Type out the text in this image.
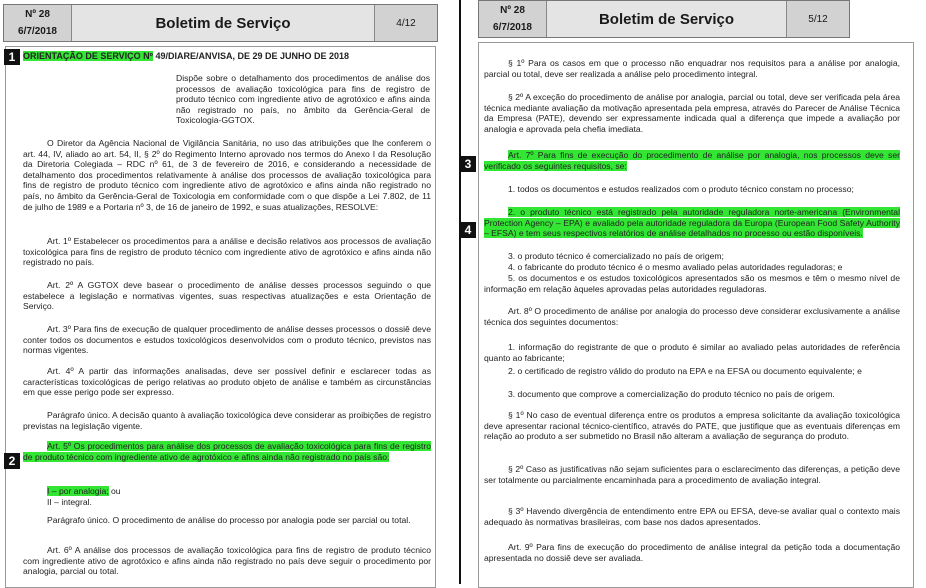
Nº 28
6/7/2018	Boletim de Serviço	4/12
1 ORIENTAÇÃO DE SERVIÇO Nº 49/DIARE/ANVISA, DE 29 DE JUNHO DE 2018
Dispõe sobre o detalhamento dos procedimentos de análise dos processos de avaliação toxicológica para fins de registro de produto técnico com ingrediente ativo de agrotóxico e afins ainda não registrado no país, no âmbito da Gerência-Geral de Toxicologia-GGTOX.
O Diretor da Agência Nacional de Vigilância Sanitária, no uso das atribuições que lhe conferem o art. 44, IV, aliado ao art. 54, II, § 2º do Regimento Interno aprovado nos termos do Anexo I da Resolução da Diretoria Colegiada – RDC nº 61, de 3 de fevereiro de 2016, e considerando a necessidade de detalhamento dos procedimentos relativamente à análise dos processos de avaliação toxicológica para fins de registro de produto técnico com ingrediente ativo de agrotóxico e afins ainda não registrado no país, no âmbito da Gerência-Geral de Toxicologia em conformidade com o que dispõe a Lei 7.802, de 11 de julho de 1989 e a Portaria nº 3, de 16 de janeiro de 1992, e suas atualizações, RESOLVE:
Art. 1º Estabelecer os procedimentos para a análise e decisão relativos aos processos de avaliação toxicológica para fins de registro de produto técnico com ingrediente ativo de agrotóxico e afins ainda não registrado no país.
Art. 2º A GGTOX deve basear o procedimento de análise desses processos seguindo o que estabelece a legislação e normativas vigentes, suas respectivas atualizações e esta Orientação de Serviço.
Art. 3º Para fins de execução de qualquer procedimento de análise desses processos o dossiê deve conter todos os documentos e estudos toxicológicos desenvolvidos com o produto técnico, previstos nas normas vigentes.
Art. 4º A partir das informações analisadas, deve ser possível definir e esclarecer todas as características toxicológicas de perigo relativas ao produto objeto de análise e também as circunstâncias em que esse perigo pode ser expresso.
Parágrafo único. A decisão quanto à avaliação toxicológica deve considerar as proibições de registro previstas na legislação vigente.
2
Art. 5º Os procedimentos para análise dos processos de avaliação toxicológica para fins de registro de produto técnico com ingrediente ativo de agrotóxico e afins ainda não registrado no país são:
I – por analogia; ou
II – integral.
Parágrafo único. O procedimento de análise do processo por analogia pode ser parcial ou total.
Art. 6º A análise dos processos de avaliação toxicológica para fins de registro de produto técnico com ingrediente ativo de agrotóxico e afins ainda não registrado no país deve seguir o procedimento por analogia, parcial ou total.
Nº 28
6/7/2018	Boletim de Serviço	5/12
§ 1º Para os casos em que o processo não enquadrar nos requisitos para a análise por analogia, parcial ou total, deve ser realizada a análise pelo procedimento integral.
§ 2º A exceção do procedimento de análise por analogia, parcial ou total, deve ser verificada pela área técnica mediante avaliação da motivação apresentada pela empresa, através do Parecer de Análise Técnica da Empresa (PATE), devendo ser expressamente indicada qual a diferença que impede a avaliação por analogia e aprovada pela chefia imediata.
3
Art. 7º Para fins de execução do procedimento de análise por analogia, nos processos deve ser verificado os seguintes requisitos, se:
1. todos os documentos e estudos realizados com o produto técnico constam no processo;
4
2. o produto técnico está registrado pela autoridade reguladora norte-americana (Environmental Protection Agency – EPA) e avaliado pela autoridade reguladora da Europa (European Food Safety Authority – EFSA) e tem seus respectivos relatórios de análise detalhados no processo ou estão disponíveis.
3. o produto técnico é comercializado no país de origem;
4. o fabricante do produto técnico é o mesmo avaliado pelas autoridades reguladoras; e
5. os documentos e os estudos toxicológicos apresentados são os mesmos e têm o mesmo nível de informação em relação àqueles aprovadas pelas autoridades reguladoras.
Art. 8º O procedimento de análise por analogia do processo deve considerar exclusivamente a análise técnica dos seguintes documentos:
1. informação do registrante de que o produto é similar ao avaliado pelas autoridades de referência quanto ao fabricante;
2. o certificado de registro válido do produto na EPA e na EFSA ou documento equivalente; e
3. documento que comprove a comercialização do produto técnico no país de origem.
§ 1º No caso de eventual diferença entre os produtos a empresa solicitante da avaliação toxicológica deve apresentar racional técnico-científico, através do PATE, que justifique que as eventuais diferenças em relação ao produto a ser submetido no Brasil não alteram a avaliação de segurança do produto.
§ 2º Caso as justificativas não sejam suficientes para o esclarecimento das diferenças, a petição deve ser totalmente ou parcialmente encaminhada para a procedimento de avaliação integral.
§ 3º Havendo divergência de entendimento entre EPA ou EFSA, deve-se avaliar qual o contexto mais adequado às normativas brasileiras, com base nos dados apresentados.
Art. 9º Para fins de execução do procedimento de análise integral da petição toda a documentação apresentada no dossiê deve ser avaliada.
